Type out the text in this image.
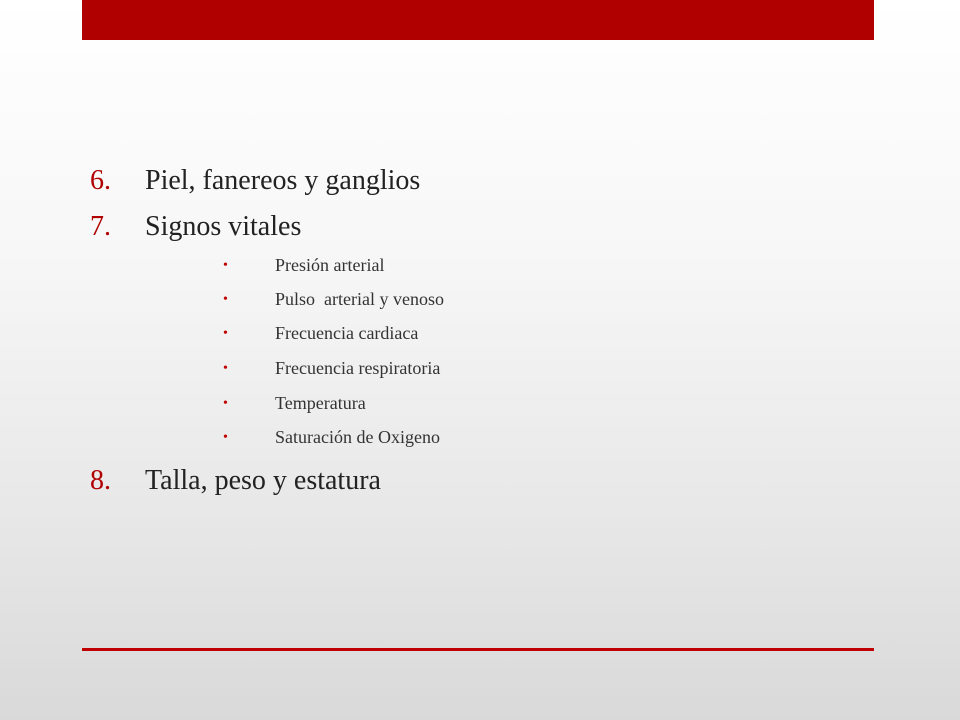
6. Piel, fanereos y ganglios
7. Signos vitales
•	Presión arterial
•	Pulso  arterial y venoso
•	Frecuencia cardiaca
•	Frecuencia respiratoria
•	Temperatura
•	Saturación de Oxigeno
8. Talla, peso y estatura
